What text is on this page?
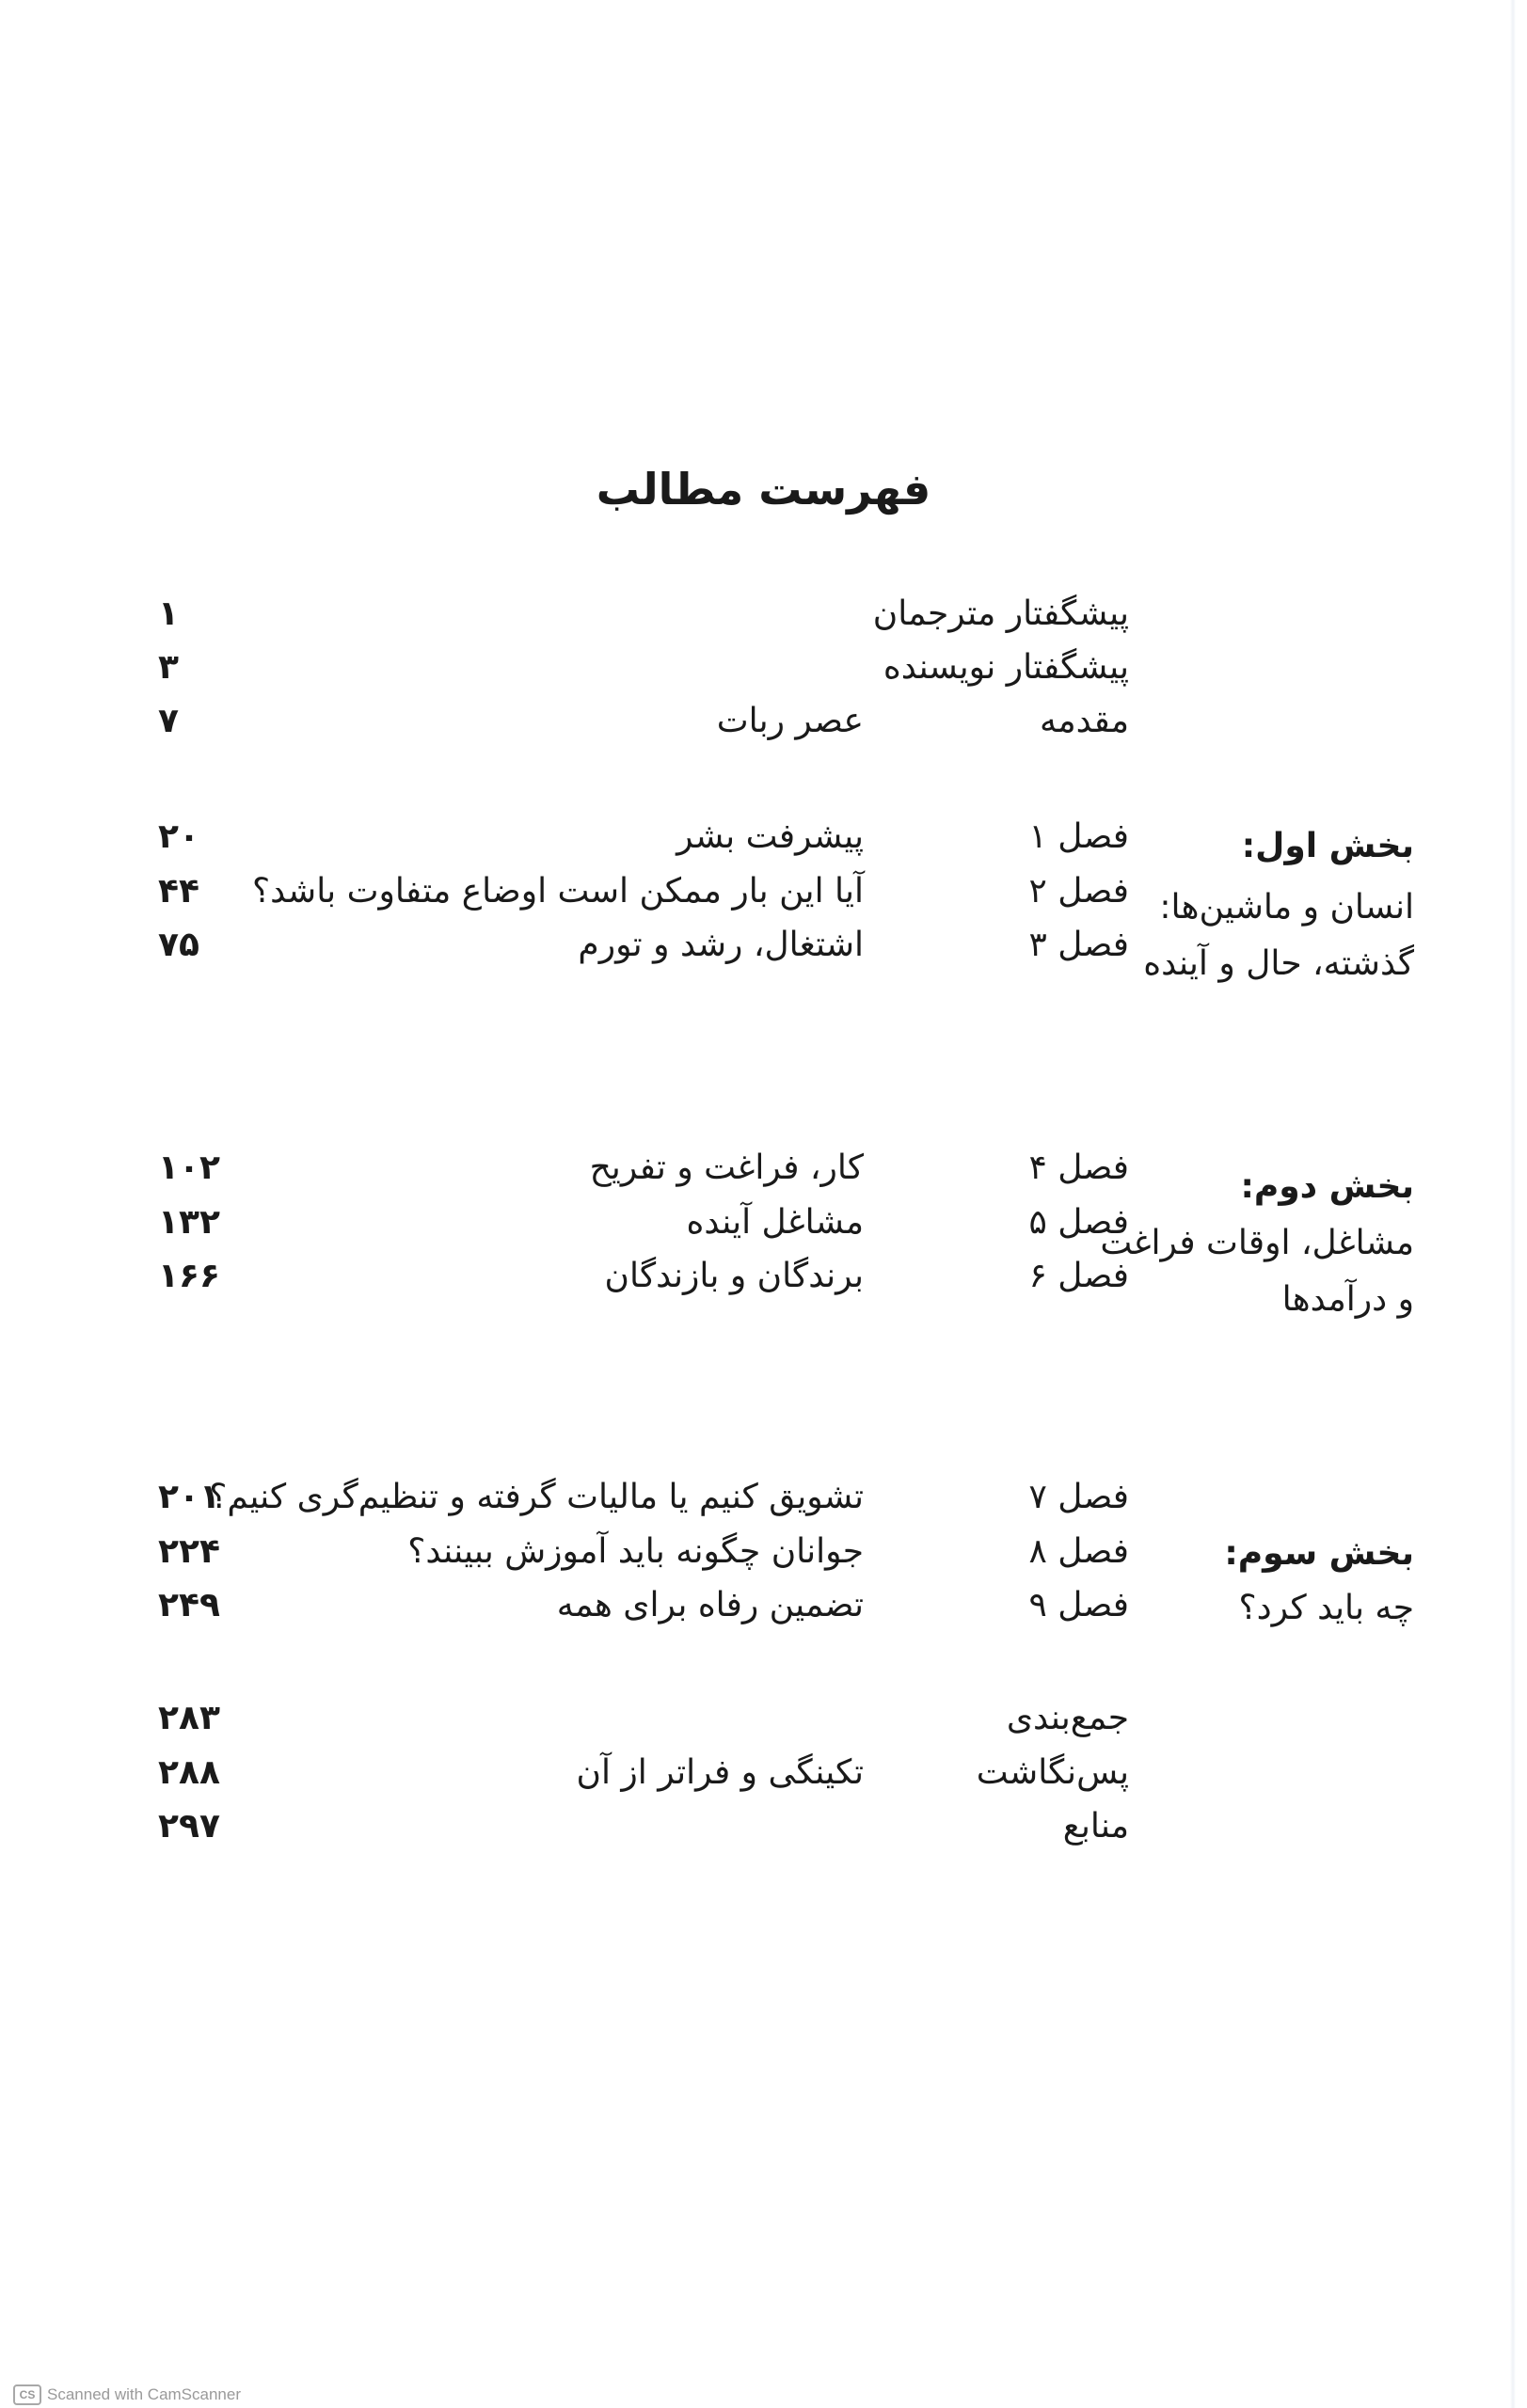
فهرست مطالب
پیشگفتار مترجمان
۱
پیشگفتار نویسنده
۳
مقدمه
عصر ربات
۷
بخش اول:
انسان و ماشین‌ها:
گذشته، حال و آینده
فصل ۱
پیشرفت بشر
۲۰
فصل ۲
آیا این بار ممکن است اوضاع متفاوت باشد؟
۴۴
فصل ۳
اشتغال، رشد و تورم
۷۵
بخش دوم:
مشاغل، اوقات فراغت
و درآمدها
فصل ۴
کار، فراغت و تفریح
۱۰۲
فصل ۵
مشاغل آینده
۱۳۲
فصل ۶
برندگان و بازندگان
۱۶۶
بخش سوم:
چه باید کرد؟
فصل ۷
تشویق کنیم یا مالیات گرفته و تنظیم‌گری کنیم؟
۲۰۱
فصل ۸
جوانان چگونه باید آموزش ببینند؟
۲۲۴
فصل ۹
تضمین رفاه برای همه
۲۴۹
جمع‌بندی
۲۸۳
پس‌نگاشت
تکینگی و فراتر از آن
۲۸۸
منابع
۲۹۷
CS Scanned with CamScanner
